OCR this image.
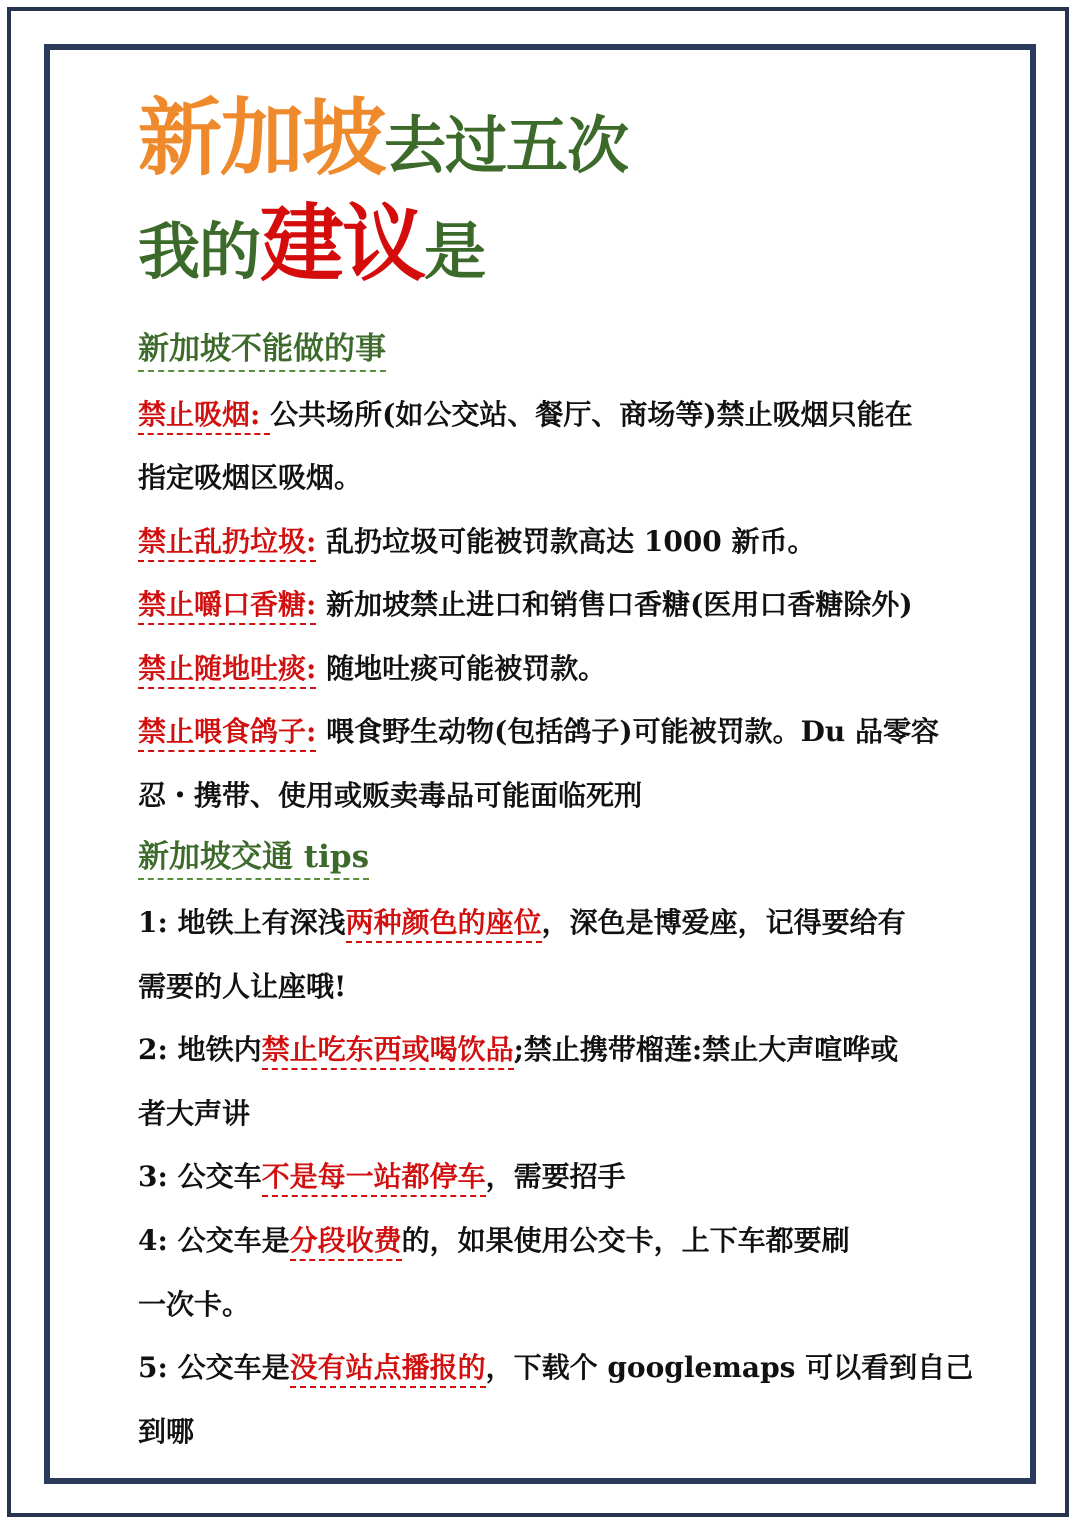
新加坡去过五次
我的建议是
新加坡不能做的事
禁止吸烟: 公共场所(如公交站、餐厅、商场等)禁止吸烟只能在
指定吸烟区吸烟。
禁止乱扔垃圾: 乱扔垃圾可能被罚款高达 1000 新币。
禁止嚼口香糖: 新加坡禁止进口和销售口香糖(医用口香糖除外)
禁止随地吐痰: 随地吐痰可能被罚款。
禁止喂食鸽子: 喂食野生动物(包括鸽子)可能被罚款。Du 品零容
忍・携带、使用或贩卖毒品可能面临死刑
新加坡交通 tips
1: 地铁上有深浅两种颜色的座位，深色是博爱座，记得要给有
需要的人让座哦!
2: 地铁内禁止吃东西或喝饮品;禁止携带榴莲:禁止大声喧哗或
者大声讲
3: 公交车不是每一站都停车，需要招手
4: 公交车是分段收费的，如果使用公交卡，上下车都要刷
一次卡。
5: 公交车是没有站点播报的，下载个 googlemaps 可以看到自己
到哪
